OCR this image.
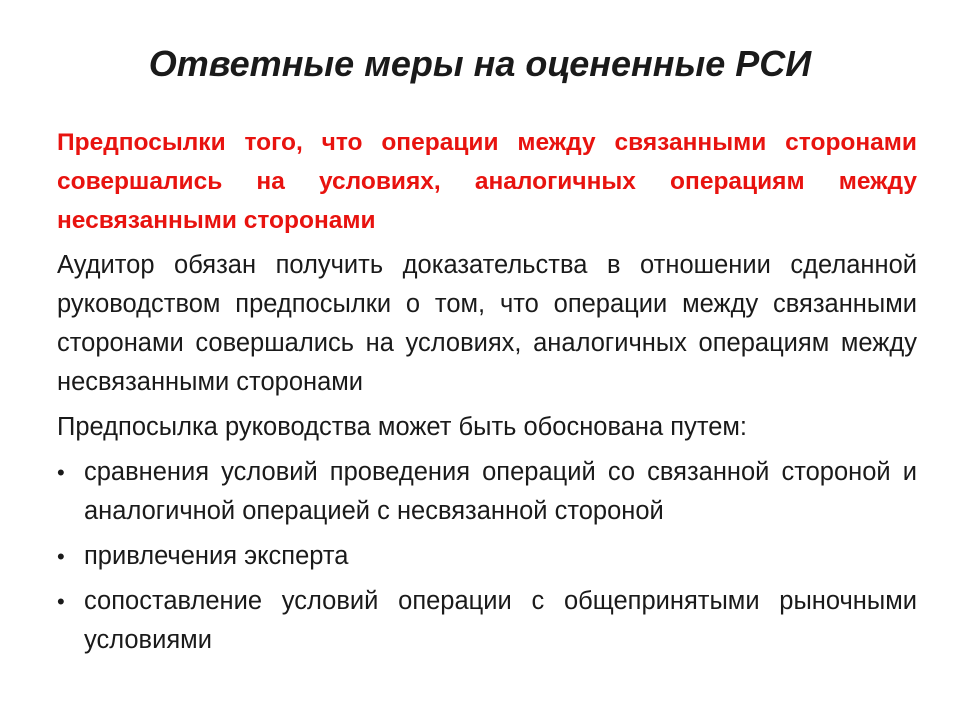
Ответные меры на оцененные РСИ

Предпосылки того, что операции между связанными сторонами совершались на условиях, аналогичных операциям между несвязанными сторонами

Аудитор обязан получить доказательства в отношении сделанной руководством предпосылки о том, что операции между связанными сторонами совершались на условиях, аналогичных операциям между несвязанными сторонами

Предпосылка руководства может быть обоснована путем:

• сравнения условий проведения операций со связанной стороной и аналогичной операцией с несвязанной стороной
• привлечения эксперта
• сопоставление условий операции с общепринятыми рыночными условиями
